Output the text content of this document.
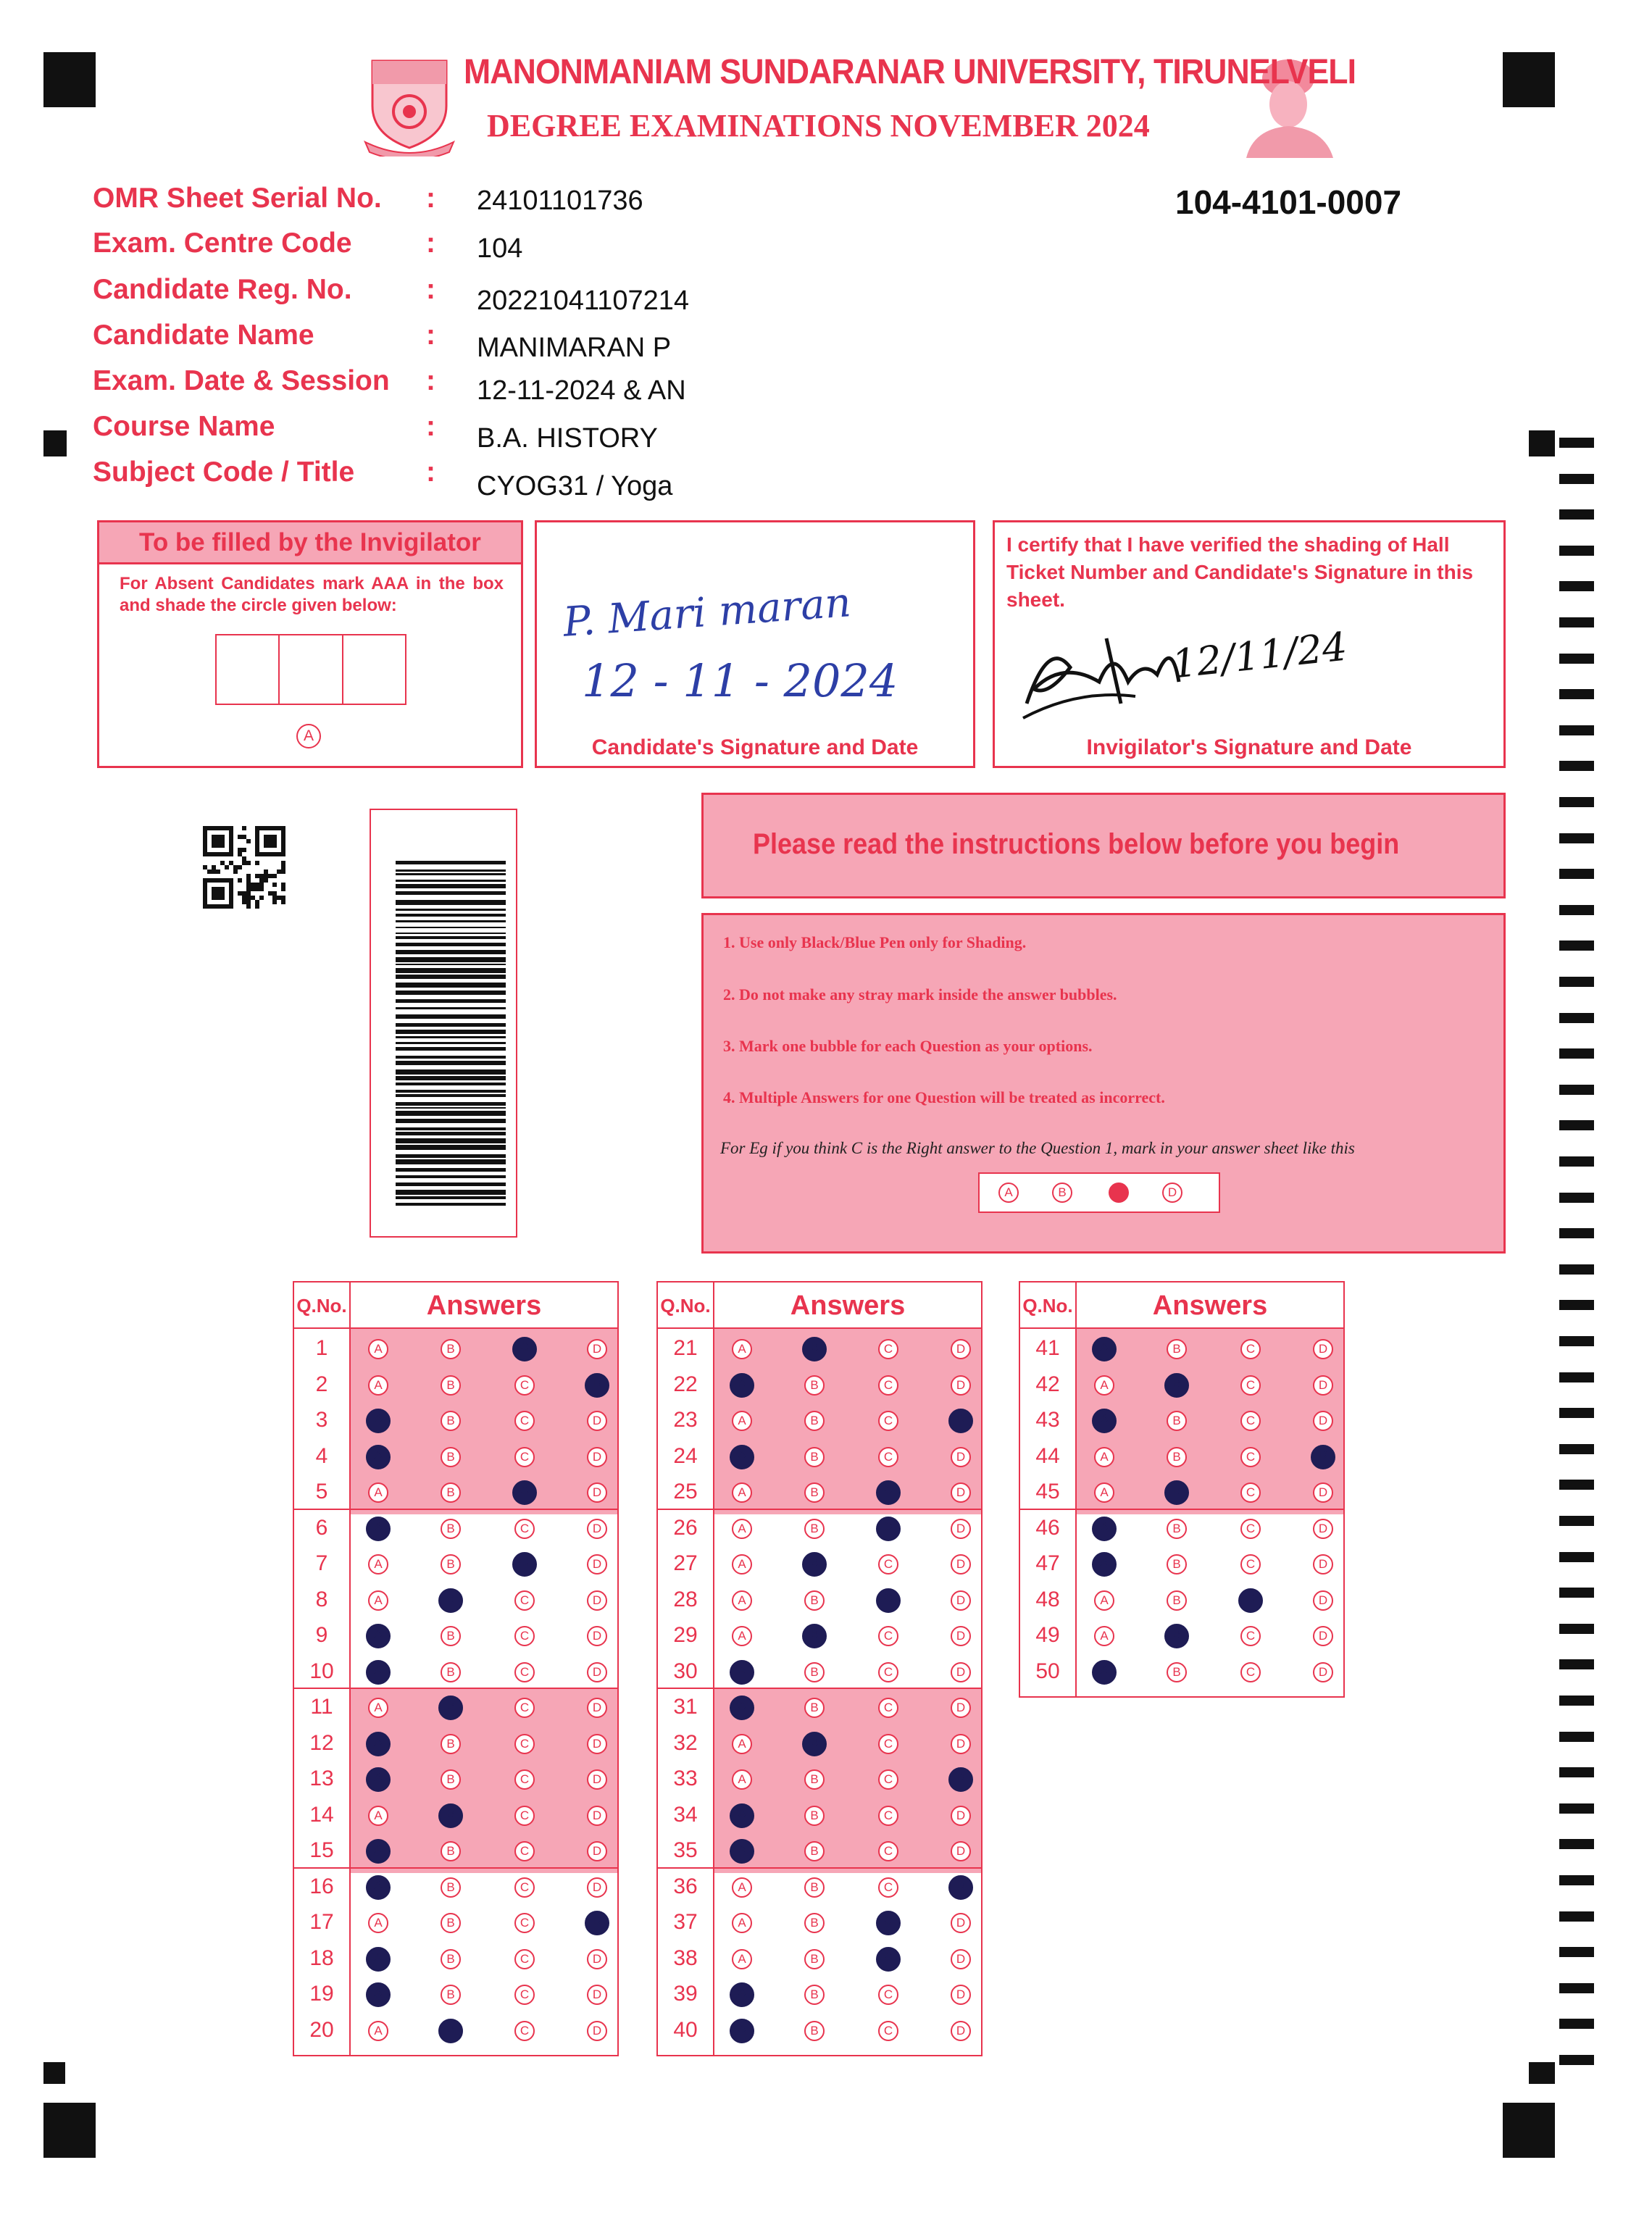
MANONMANIAM SUNDARANAR UNIVERSITY, TIRUNELVELI
DEGREE EXAMINATIONS NOVEMBER 2024
104-4101-0007
OMR Sheet Serial No. : 24101101736
Exam. Centre Code	: 104
Candidate Reg. No.	: 20221041107214
Candidate Name	: MANIMARAN P
Exam. Date & Session : 12-11-2024 & AN
Course Name	: B.A. HISTORY
Subject Code / Title	: CYOG31 / Yoga
To be filled by the Invigilator
For Absent Candidates mark AAA in the box and shade the circle given below:
A
P. Mari maran
12 - 11 - 2024
Candidate's Signature and Date
I certify that I have verified the shading of Hall Ticket Number and Candidate's Signature in this sheet.
12/11/24
Invigilator's Signature and Date
Please read the instructions below before you begin
1. Use only Black/Blue Pen only for Shading.
2. Do not make any stray mark inside the answer bubbles.
3. Mark one bubble for each Question as your options.
4. Multiple Answers for one Question will be treated as incorrect.
For Eg if you think C is the Right answer to the Question 1, mark in your answer sheet like this
A	B	C	D
Q.No.	Answers
1	A	B	C	D
2	A	B	C	D
3	A	B	C	D
4	A	B	C	D
5	A	B	C	D
6	A	B	C	D
7	A	B	C	D
8	A	B	C	D
9	A	B	C	D
10	A	B	C	D
11	A	B	C	D
12	A	B	C	D
13	A	B	C	D
14	A	B	C	D
15	A	B	C	D
16	A	B	C	D
17	A	B	C	D
18	A	B	C	D
19	A	B	C	D
20	A	B	C	D
Q.No.	Answers
21	A	B	C	D
22	A	B	C	D
23	A	B	C	D
24	A	B	C	D
25	A	B	C	D
26	A	B	C	D
27	A	B	C	D
28	A	B	C	D
29	A	B	C	D
30	A	B	C	D
31	A	B	C	D
32	A	B	C	D
33	A	B	C	D
34	A	B	C	D
35	A	B	C	D
36	A	B	C	D
37	A	B	C	D
38	A	B	C	D
39	A	B	C	D
40	A	B	C	D
Q.No.	Answers
41	A	B	C	D
42	A	B	C	D
43	A	B	C	D
44	A	B	C	D
45	A	B	C	D
46	A	B	C	D
47	A	B	C	D
48	A	B	C	D
49	A	B	C	D
50	A	B	C	D
